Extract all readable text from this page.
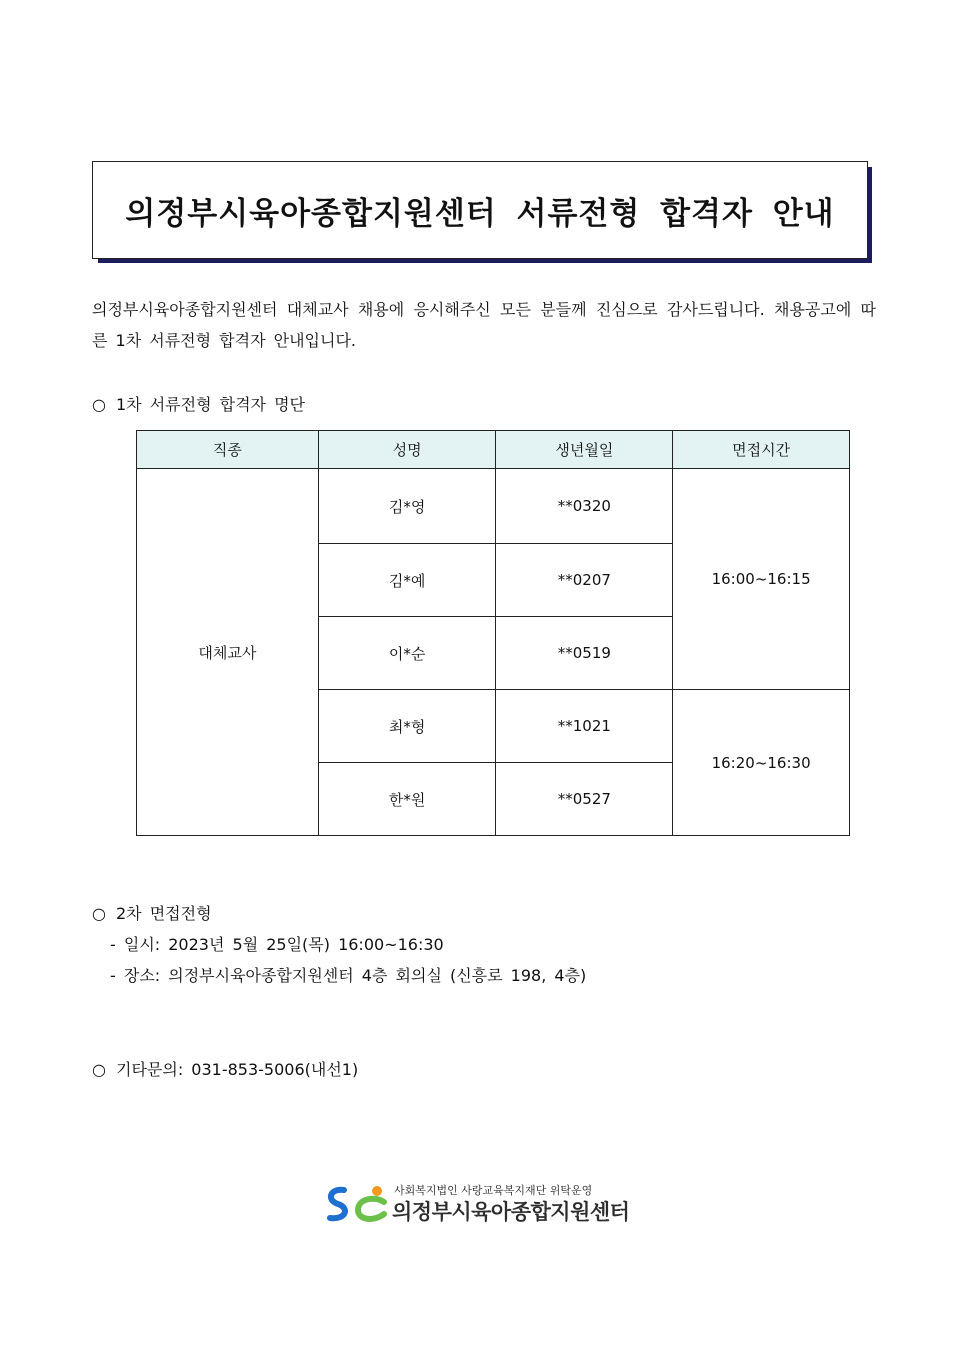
의정부시육아종합지원센터 서류전형 합격자 안내
의정부시육아종합지원센터 대체교사 채용에 응시해주신 모든 분들께 진심으로 감사드립니다. 채용공고에 따른 1차 서류전형 합격자 안내입니다.
○ 1차 서류전형 합격자 명단
직종	성명	생년월일	면접시간
대체교사	김*영	**0320	16:00~16:15
	김*예	**0207	
	이*순	**0519	
	최*형	**1021	16:20~16:30
	한*원	**0527	
○ 2차 면접전형
- 일시: 2023년 5월 25일(목) 16:00~16:30
- 장소: 의정부시육아종합지원센터 4층 회의실 (신흥로 198, 4층)
○ 기타문의: 031-853-5006(내선1)
사회복지법인 사랑교육복지재단 위탁운영
의정부시육아종합지원센터
